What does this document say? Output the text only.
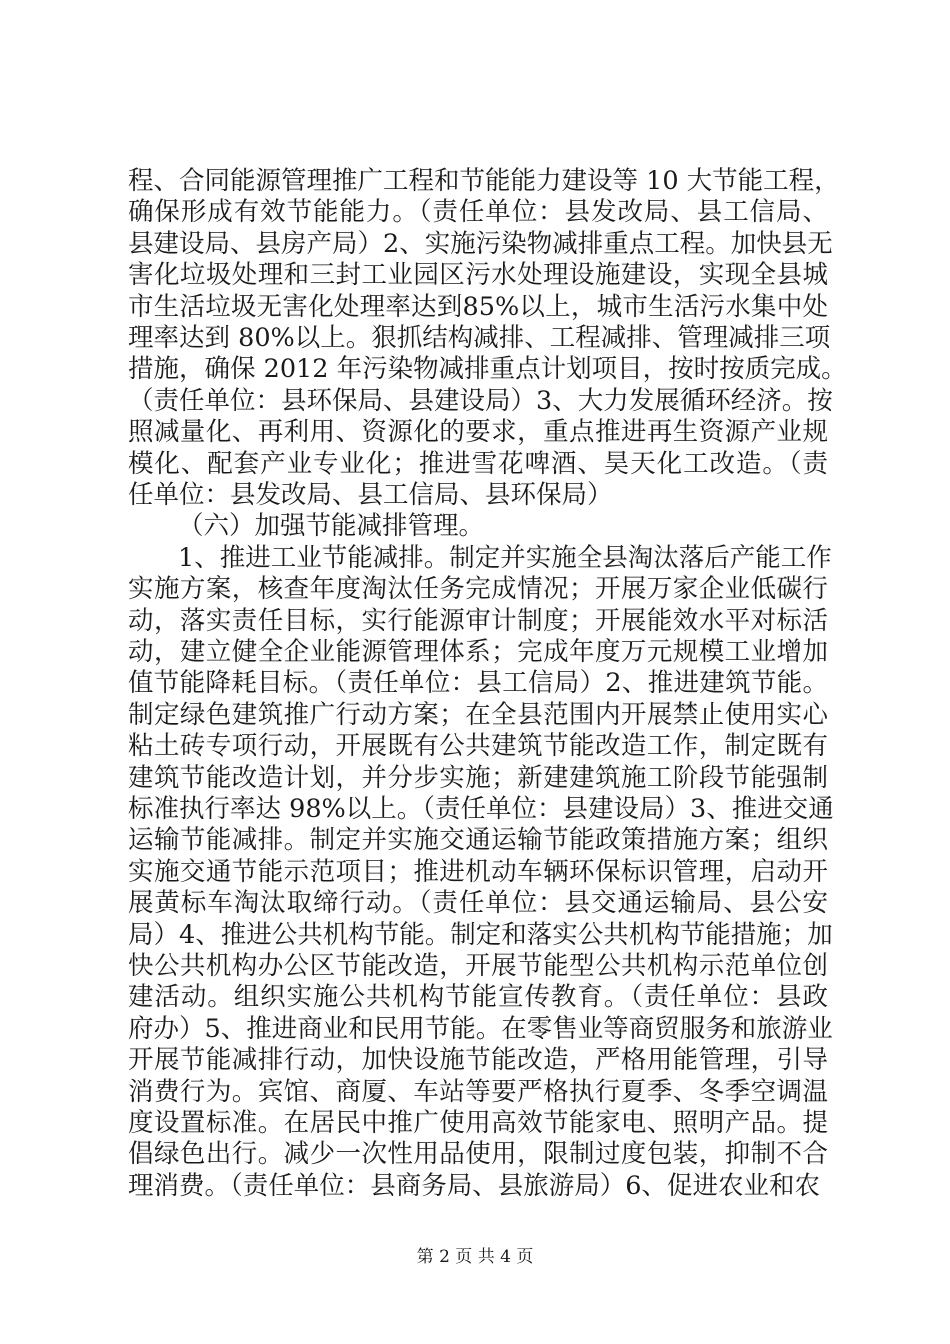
程、合同能源管理推广工程和节能能力建设等 10 大节能工程，
确保形成有效节能能力。（责任单位：县发改局、县工信局、
县建设局、县房产局）2、实施污染物减排重点工程。加快县无
害化垃圾处理和三封工业园区污水处理设施建设，实现全县城
市生活垃圾无害化处理率达到85%以上，城市生活污水集中处
理率达到 80%以上。狠抓结构减排、工程减排、管理减排三项
措施，确保 2012 年污染物减排重点计划项目，按时按质完成。
（责任单位：县环保局、县建设局）3、大力发展循环经济。按
照减量化、再利用、资源化的要求，重点推进再生资源产业规
模化、配套产业专业化；推进雪花啤酒、昊天化工改造。（责
任单位：县发改局、县工信局、县环保局）
（六）加强节能减排管理。
1、推进工业节能减排。制定并实施全县淘汰落后产能工作
实施方案，核查年度淘汰任务完成情况；开展万家企业低碳行
动，落实责任目标，实行能源审计制度；开展能效水平对标活
动，建立健全企业能源管理体系；完成年度万元规模工业增加
值节能降耗目标。（责任单位：县工信局）2、推进建筑节能。
制定绿色建筑推广行动方案；在全县范围内开展禁止使用实心
粘土砖专项行动，开展既有公共建筑节能改造工作，制定既有
建筑节能改造计划，并分步实施；新建建筑施工阶段节能强制
标准执行率达 98%以上。（责任单位：县建设局）3、推进交通
运输节能减排。制定并实施交通运输节能政策措施方案；组织
实施交通节能示范项目；推进机动车辆环保标识管理，启动开
展黄标车淘汰取缔行动。（责任单位：县交通运输局、县公安
局）4、推进公共机构节能。制定和落实公共机构节能措施；加
快公共机构办公区节能改造，开展节能型公共机构示范单位创
建活动。组织实施公共机构节能宣传教育。（责任单位：县政
府办）5、推进商业和民用节能。在零售业等商贸服务和旅游业
开展节能减排行动，加快设施节能改造，严格用能管理，引导
消费行为。宾馆、商厦、车站等要严格执行夏季、冬季空调温
度设置标准。在居民中推广使用高效节能家电、照明产品。提
倡绿色出行。减少一次性用品使用，限制过度包装，抑制不合
理消费。（责任单位：县商务局、县旅游局）6、促进农业和农
第 2 页 共 4 页
